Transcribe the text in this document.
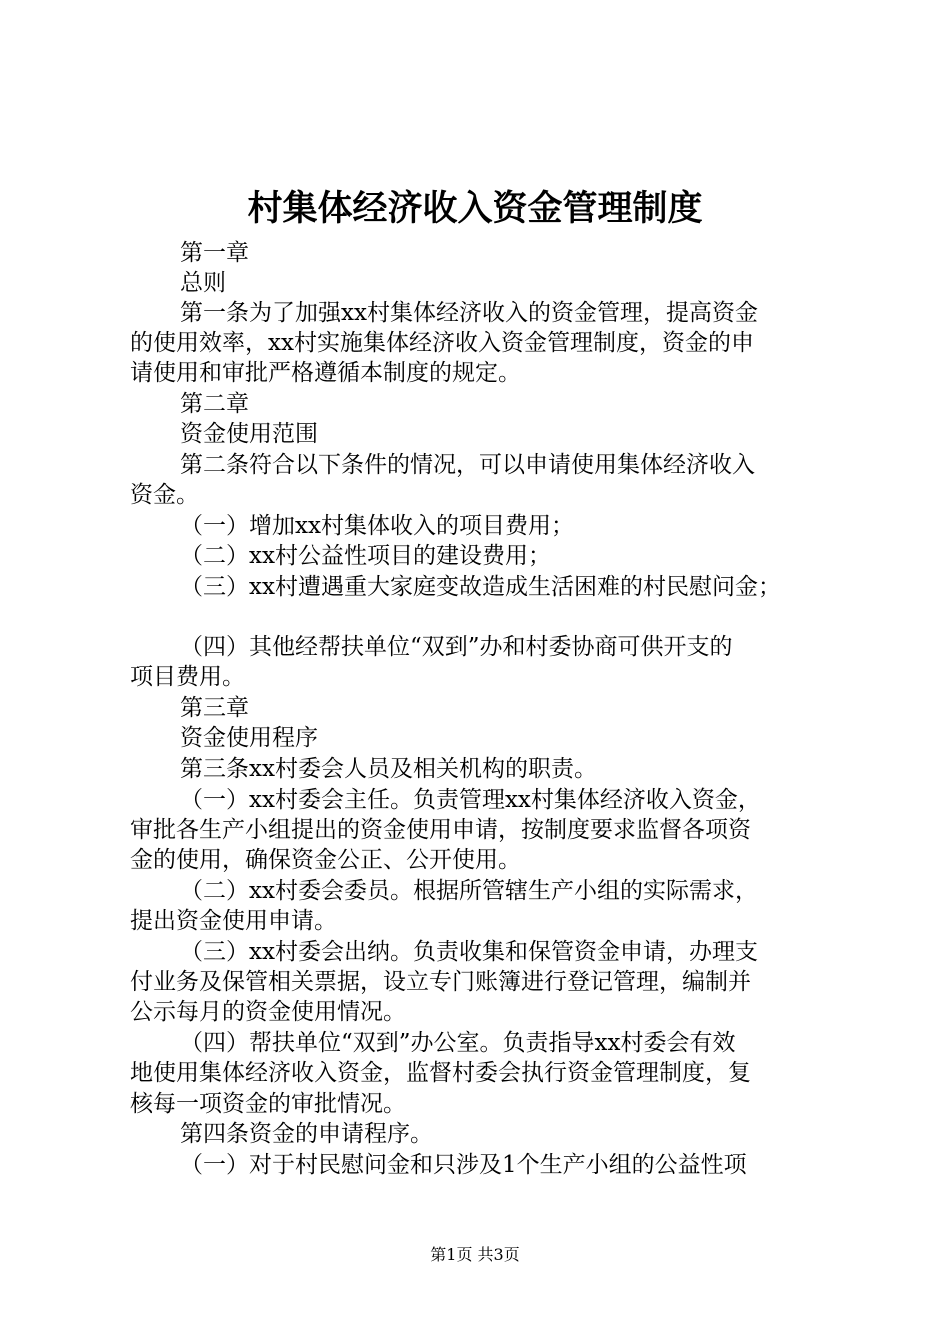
村集体经济收入资金管理制度
第一章
总则
第一条为了加强xx村集体经济收入的资金管理，提高资金
的使用效率，xx村实施集体经济收入资金管理制度，资金的申
请使用和审批严格遵循本制度的规定。
第二章
资金使用范围
第二条符合以下条件的情况，可以申请使用集体经济收入
资金。
（一）增加xx村集体收入的项目费用；
（二）xx村公益性项目的建设费用；
（三）xx村遭遇重大家庭变故造成生活困难的村民慰问金；
（四）其他经帮扶单位“双到”办和村委协商可供开支的
项目费用。
第三章
资金使用程序
第三条xx村委会人员及相关机构的职责。
（一）xx村委会主任。负责管理xx村集体经济收入资金，
审批各生产小组提出的资金使用申请，按制度要求监督各项资
金的使用，确保资金公正、公开使用。
（二）xx村委会委员。根据所管辖生产小组的实际需求，
提出资金使用申请。
（三）xx村委会出纳。负责收集和保管资金申请，办理支
付业务及保管相关票据，设立专门账簿进行登记管理，编制并
公示每月的资金使用情况。
（四）帮扶单位“双到”办公室。负责指导xx村委会有效
地使用集体经济收入资金，监督村委会执行资金管理制度，复
核每一项资金的审批情况。
第四条资金的申请程序。
（一）对于村民慰问金和只涉及1个生产小组的公益性项
第1页 共3页
